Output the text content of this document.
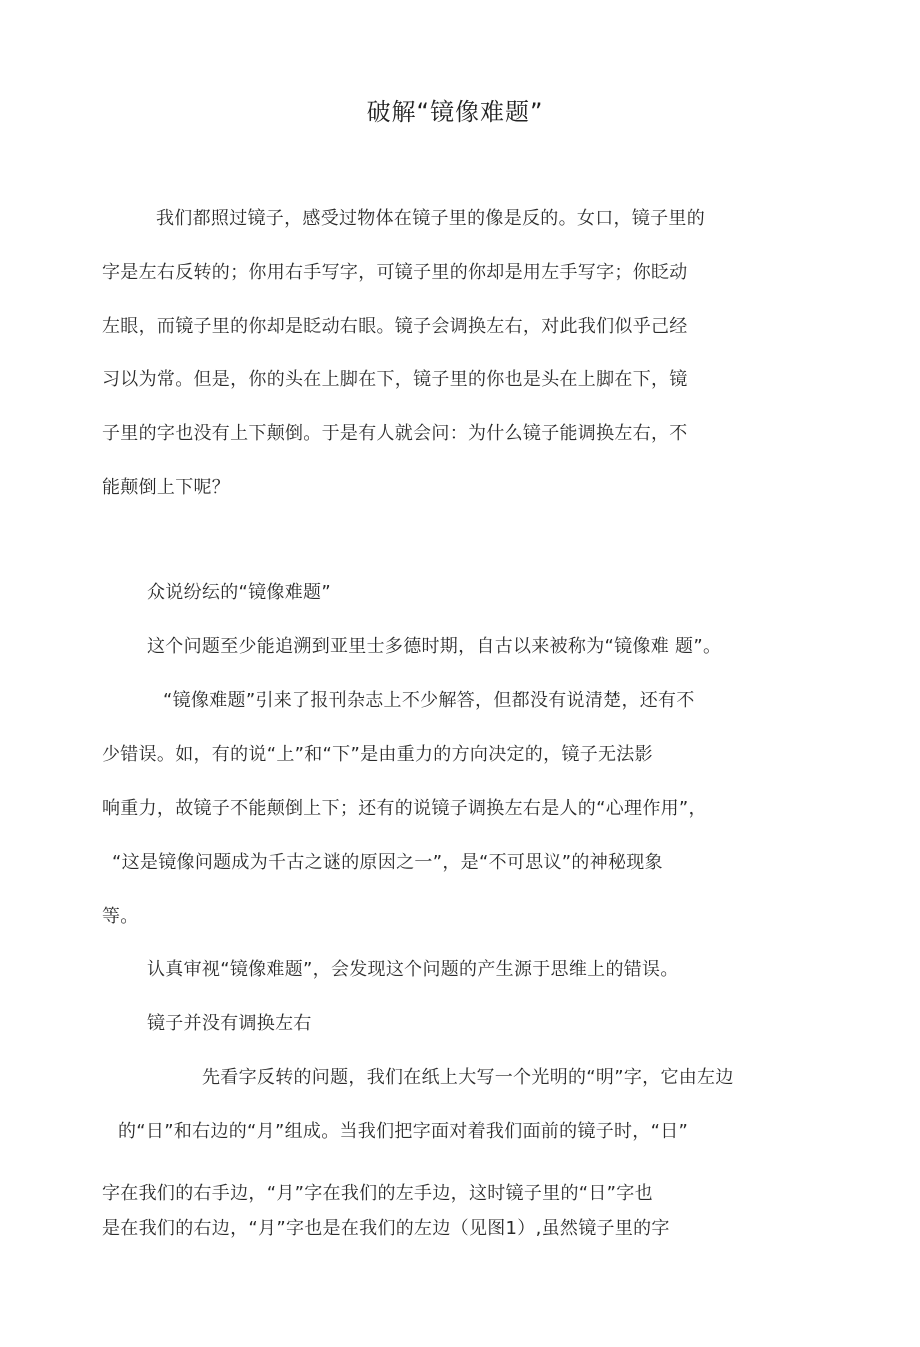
破解“镜像难题”
我们都照过镜子，感受过物体在镜子里的像是反的。女口，镜子里的
字是左右反转的；你用右手写字，可镜子里的你却是用左手写字；你眨动
左眼，而镜子里的你却是眨动右眼。镜子会调换左右，对此我们似乎己经
习以为常。但是，你的头在上脚在下，镜子里的你也是头在上脚在下，镜
子里的字也没有上下颠倒。于是有人就会问：为什么镜子能调换左右，不
能颠倒上下呢？
众说纷纭的“镜像难题”
这个问题至少能追溯到亚里士多德时期，自古以来被称为“镜像难 题”。
“镜像难题”引来了报刊杂志上不少解答，但都没有说清楚，还有不
少错误。如，有的说“上”和“下”是由重力的方向决定的，镜子无法影
响重力，故镜子不能颠倒上下；还有的说镜子调换左右是人的“心理作用”，
“这是镜像问题成为千古之谜的原因之一”，是“不可思议”的神秘现象
等。
认真审视“镜像难题”，会发现这个问题的产生源于思维上的错误。
镜子并没有调换左右
先看字反转的问题，我们在纸上大写一个光明的“明”字，它由左边
的“日”和右边的“月”组成。当我们把字面对着我们面前的镜子时，“日”
字在我们的右手边，“月”字在我们的左手边，这时镜子里的“日”字也
是在我们的右边，“月”字也是在我们的左边（见图1）,虽然镜子里的字
